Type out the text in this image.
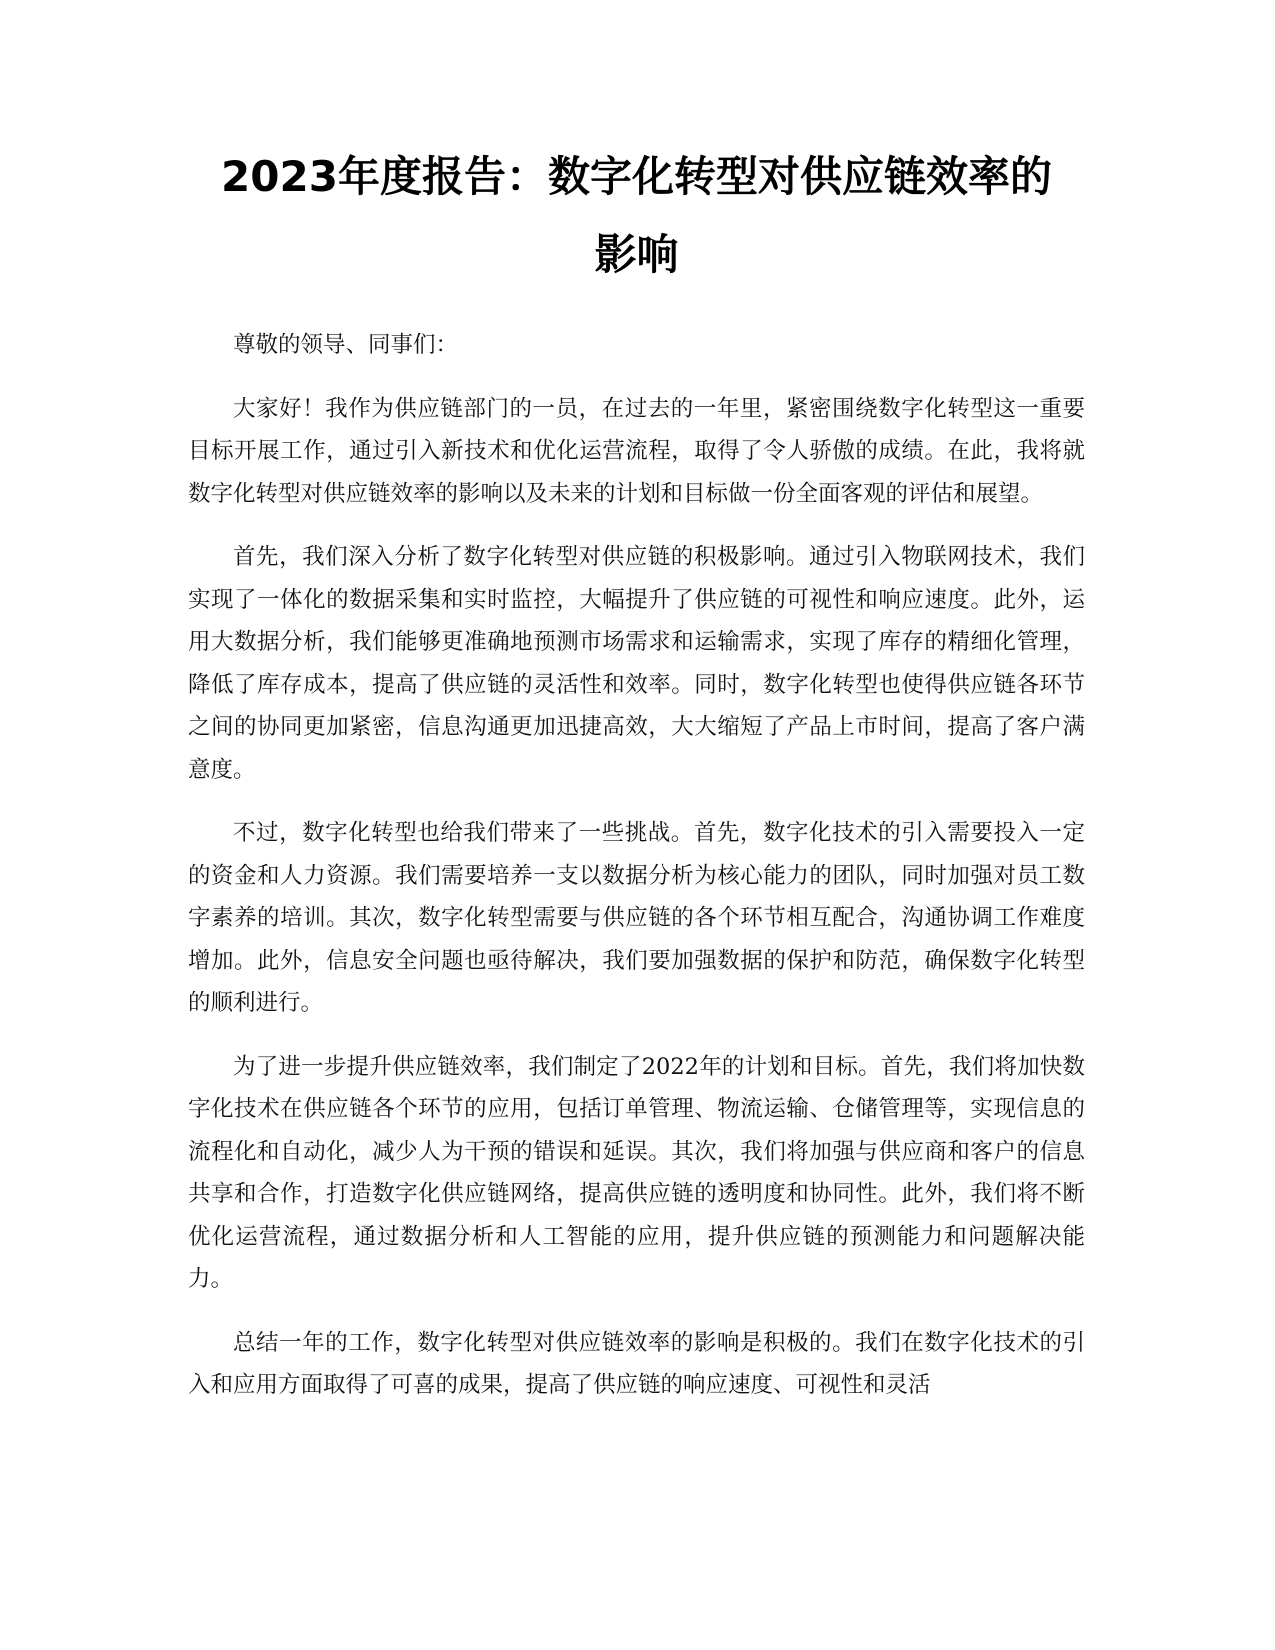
2023年度报告：数字化转型对供应链效率的影响

尊敬的领导、同事们：

大家好！我作为供应链部门的一员，在过去的一年里，紧密围绕数字化转型这一重要目标开展工作，通过引入新技术和优化运营流程，取得了令人骄傲的成绩。在此，我将就数字化转型对供应链效率的影响以及未来的计划和目标做一份全面客观的评估和展望。

首先，我们深入分析了数字化转型对供应链的积极影响。通过引入物联网技术，我们实现了一体化的数据采集和实时监控，大幅提升了供应链的可视性和响应速度。此外，运用大数据分析，我们能够更准确地预测市场需求和运输需求，实现了库存的精细化管理，降低了库存成本，提高了供应链的灵活性和效率。同时，数字化转型也使得供应链各环节之间的协同更加紧密，信息沟通更加迅捷高效，大大缩短了产品上市时间，提高了客户满意度。

不过，数字化转型也给我们带来了一些挑战。首先，数字化技术的引入需要投入一定的资金和人力资源。我们需要培养一支以数据分析为核心能力的团队，同时加强对员工数字素养的培训。其次，数字化转型需要与供应链的各个环节相互配合，沟通协调工作难度增加。此外，信息安全问题也亟待解决，我们要加强数据的保护和防范，确保数字化转型的顺利进行。

为了进一步提升供应链效率，我们制定了2022年的计划和目标。首先，我们将加快数字化技术在供应链各个环节的应用，包括订单管理、物流运输、仓储管理等，实现信息的流程化和自动化，减少人为干预的错误和延误。其次，我们将加强与供应商和客户的信息共享和合作，打造数字化供应链网络，提高供应链的透明度和协同性。此外，我们将不断优化运营流程，通过数据分析和人工智能的应用，提升供应链的预测能力和问题解决能力。

总结一年的工作，数字化转型对供应链效率的影响是积极的。我们在数字化技术的引入和应用方面取得了可喜的成果，提高了供应链的响应速度、可视性和灵活
